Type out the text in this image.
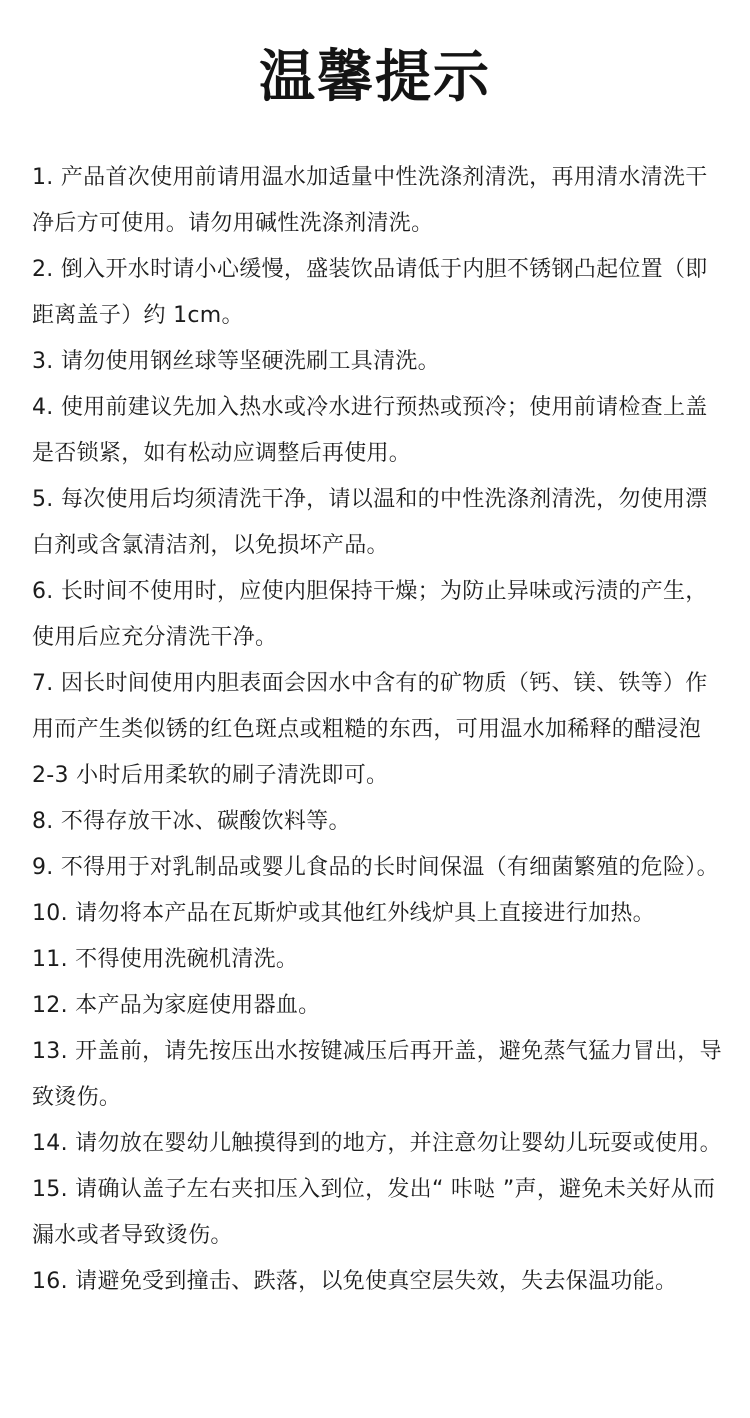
温馨提示
1. 产品首次使用前请用温水加适量中性洗涤剂清洗，再用清水清洗干净后方可使用。请勿用碱性洗涤剂清洗。
2. 倒入开水时请小心缓慢，盛装饮品请低于内胆不锈钢凸起位置（即距离盖子）约 1cm。
3. 请勿使用钢丝球等坚硬洗刷工具清洗。
4. 使用前建议先加入热水或冷水进行预热或预冷；使用前请检查上盖是否锁紧，如有松动应调整后再使用。
5. 每次使用后均须清洗干净，请以温和的中性洗涤剂清洗，勿使用漂白剂或含氯清洁剂，以免损坏产品。
6. 长时间不使用时，应使内胆保持干燥；为防止异味或污渍的产生，使用后应充分清洗干净。
7. 因长时间使用内胆表面会因水中含有的矿物质（钙、镁、铁等）作用而产生类似锈的红色斑点或粗糙的东西，可用温水加稀释的醋浸泡 2-3 小时后用柔软的刷子清洗即可。
8. 不得存放干冰、碳酸饮料等。
9. 不得用于对乳制品或婴儿食品的长时间保温（有细菌繁殖的危险）。
10. 请勿将本产品在瓦斯炉或其他红外线炉具上直接进行加热。
11. 不得使用洗碗机清洗。
12. 本产品为家庭使用器血。
13. 开盖前，请先按压出水按键减压后再开盖，避免蒸气猛力冒出，导致烫伤。
14. 请勿放在婴幼儿触摸得到的地方，并注意勿让婴幼儿玩耍或使用。
15. 请确认盖子左右夹扣压入到位，发出“ 咔哒 ”声，避免未关好从而漏水或者导致烫伤。
16. 请避免受到撞击、跌落，以免使真空层失效，失去保温功能。
